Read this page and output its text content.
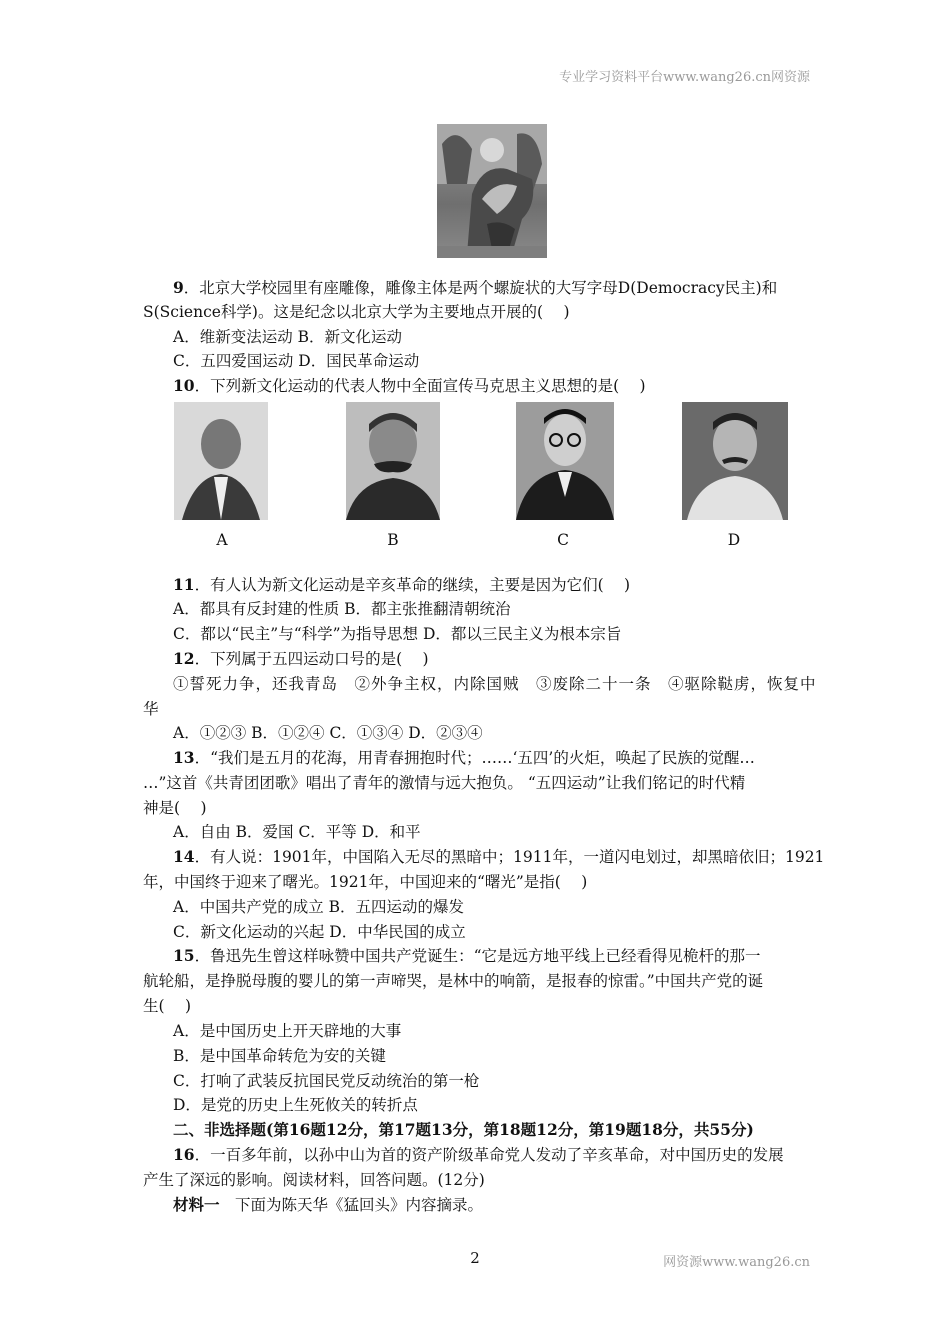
专业学习资料平台www.wang26.cn网资源
9．北京大学校园里有座雕像，雕像主体是两个螺旋状的大写字母D(Democracy民主)和
S(Science科学)。这是纪念以北京大学为主要地点开展的(　 )
A．维新变法运动 B．新文化运动
C．五四爱国运动 D．国民革命运动
10．下列新文化运动的代表人物中全面宣传马克思主义思想的是(　 )
A	B	C	D
11．有人认为新文化运动是辛亥革命的继续，主要是因为它们(　 )
A．都具有反封建的性质 B．都主张推翻清朝统治
C．都以“民主”与“科学”为指导思想 D．都以三民主义为根本宗旨
12．下列属于五四运动口号的是(　 )
①誓死力争，还我青岛　②外争主权，内除国贼　③废除二十一条　④驱除鞑虏，恢复中
华
A．①②③ B．①②④ C．①③④ D．②③④
13．“我们是五月的花海，用青春拥抱时代；……‘五四’的火炬，唤起了民族的觉醒…
…”这首《共青团团歌》唱出了青年的激情与远大抱负。 “五四运动”让我们铭记的时代精
神是(　 )
A．自由 B．爱国 C．平等 D．和平
14．有人说：1901年，中国陷入无尽的黑暗中；1911年，一道闪电划过，却黑暗依旧；1921
年，中国终于迎来了曙光。1921年，中国迎来的“曙光”是指(　 )
A．中国共产党的成立 B．五四运动的爆发
C．新文化运动的兴起 D．中华民国的成立
15．鲁迅先生曾这样咏赞中国共产党诞生：“它是远方地平线上已经看得见桅杆的那一
航轮船，是挣脱母腹的婴儿的第一声啼哭，是林中的响箭，是报春的惊雷。”中国共产党的诞
生(　 )
A．是中国历史上开天辟地的大事
B．是中国革命转危为安的关键
C．打响了武装反抗国民党反动统治的第一枪
D．是党的历史上生死攸关的转折点
二、非选择题(第16题12分，第17题13分，第18题12分，第19题18分，共55分)
16．一百多年前，以孙中山为首的资产阶级革命党人发动了辛亥革命，对中国历史的发展
产生了深远的影响。阅读材料，回答问题。(12分)
材料一　下面为陈天华《猛回头》内容摘录。
2	网资源www.wang26.cn
